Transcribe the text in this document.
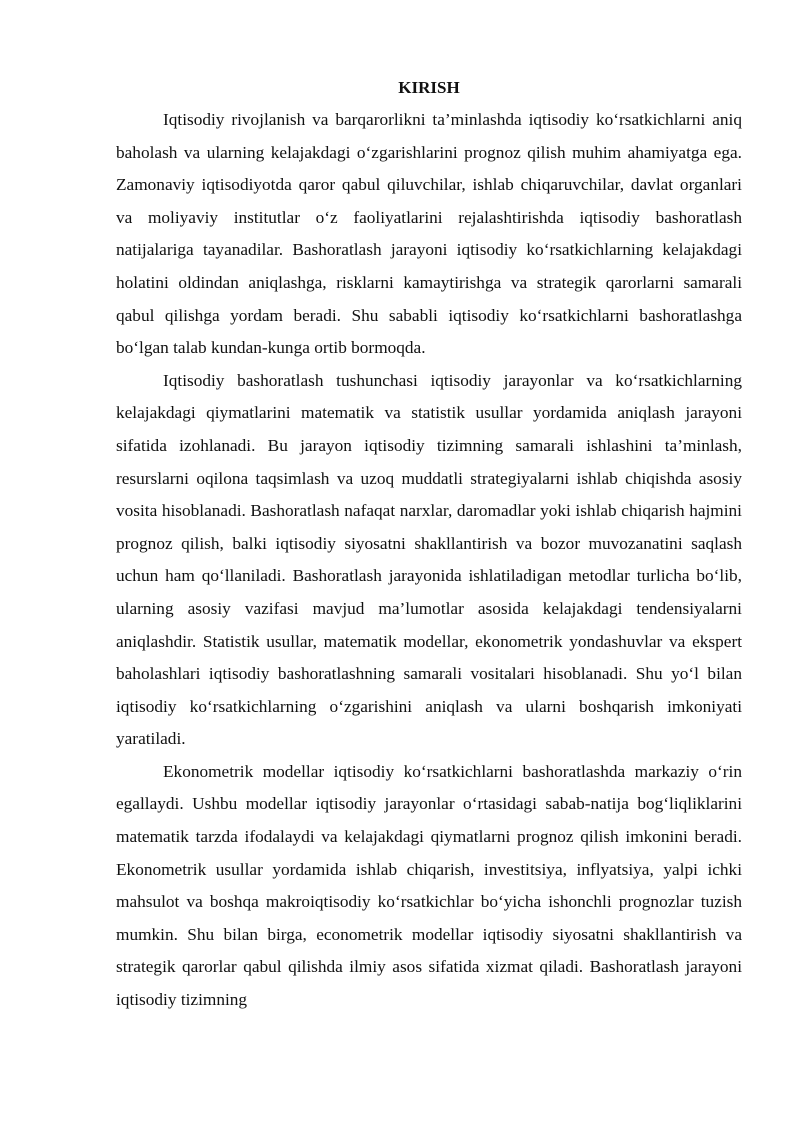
KIRISH

Iqtisodiy rivojlanish va barqarorlikni ta’minlashda iqtisodiy ko‘rsatkichlarni aniq baholash va ularning kelajakdagi o‘zgarishlarini prognoz qilish muhim ahamiyatga ega. Zamonaviy iqtisodiyotda qaror qabul qiluvchilar, ishlab chiqaruvchilar, davlat organlari va moliyaviy institutlar o‘z faoliyatlarini rejalashtirishda iqtisodiy bashoratlash natijalariga tayanadilar. Bashoratlash jarayoni iqtisodiy ko‘rsatkichlarning kelajakdagi holatini oldindan aniqlashga, risklarni kamaytirishga va strategik qarorlarni samarali qabul qilishga yordam beradi. Shu sababli iqtisodiy ko‘rsatkichlarni bashoratlashga bo‘lgan talab kundan-kunga ortib bormoqda.

Iqtisodiy bashoratlash tushunchasi iqtisodiy jarayonlar va ko‘rsatkichlarning kelajakdagi qiymatlarini matematik va statistik usullar yordamida aniqlash jarayoni sifatida izohlanadi. Bu jarayon iqtisodiy tizimning samarali ishlashini ta’minlash, resurslarni oqilona taqsimlash va uzoq muddatli strategiyalarni ishlab chiqishda asosiy vosita hisoblanadi. Bashoratlash nafaqat narxlar, daromadlar yoki ishlab chiqarish hajmini prognoz qilish, balki iqtisodiy siyosatni shakllantirish va bozor muvozanatini saqlash uchun ham qo‘llaniladi. Bashoratlash jarayonida ishlatiladigan metodlar turlicha bo‘lib, ularning asosiy vazifasi mavjud ma’lumotlar asosida kelajakdagi tendensiyalarni aniqlashdir. Statistik usullar, matematik modellar, ekonometrik yondashuvlar va ekspert baholashlari iqtisodiy bashoratlashning samarali vositalari hisoblanadi. Shu yo‘l bilan iqtisodiy ko‘rsatkichlarning o‘zgarishini aniqlash va ularni boshqarish imkoniyati yaratiladi.

Ekonometrik modellar iqtisodiy ko‘rsatkichlarni bashoratlashda markaziy o‘rin egallaydi. Ushbu modellar iqtisodiy jarayonlar o‘rtasidagi sabab-natija bog‘liqliklarini matematik tarzda ifodalaydi va kelajakdagi qiymatlarni prognoz qilish imkonini beradi. Ekonometrik usullar yordamida ishlab chiqarish, investitsiya, inflyatsiya, yalpi ichki mahsulot va boshqa makroiqtisodiy ko‘rsatkichlar bo‘yicha ishonchli prognozlar tuzish mumkin. Shu bilan birga, econometrik modellar iqtisodiy siyosatni shakllantirish va strategik qarorlar qabul qilishda ilmiy asos sifatida xizmat qiladi. Bashoratlash jarayoni iqtisodiy tizimning
